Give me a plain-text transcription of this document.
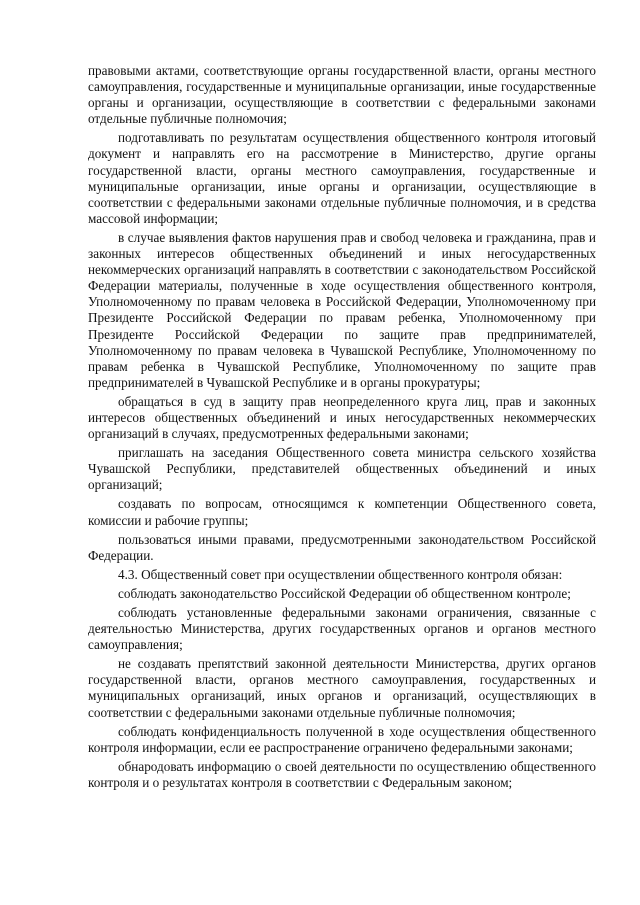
правовыми актами, соответствующие органы государственной власти, органы местного самоуправления, государственные и муниципальные организации, иные государственные органы и организации, осуществляющие в соответствии с федеральными законами отдельные публичные полномочия;

подготавливать по результатам осуществления общественного контроля итоговый документ и направлять его на рассмотрение в Министерство, другие органы государственной власти, органы местного самоуправления, государственные и муниципальные организации, иные органы и организации, осуществляющие в соответствии с федеральными законами отдельные публичные полномочия, и в средства массовой информации;

в случае выявления фактов нарушения прав и свобод человека и гражданина, прав и законных интересов общественных объединений и иных негосударственных некоммерческих организаций направлять в соответствии с законодательством Российской Федерации материалы, полученные в ходе осуществления общественного контроля, Уполномоченному по правам человека в Российской Федерации, Уполномоченному при Президенте Российской Федерации по правам ребенка, Уполномоченному при Президенте Российской Федерации по защите прав предпринимателей, Уполномоченному по правам человека в Чувашской Республике, Уполномоченному по правам ребенка в Чувашской Республике, Уполномоченному по защите прав предпринимателей в Чувашской Республике и в органы прокуратуры;

обращаться в суд в защиту прав неопределенного круга лиц, прав и законных интересов общественных объединений и иных негосударственных некоммерческих организаций в случаях, предусмотренных федеральными законами;

приглашать на заседания Общественного совета министра сельского хозяйства Чувашской Республики, представителей общественных объединений и иных организаций;

создавать по вопросам, относящимся к компетенции Общественного совета, комиссии и рабочие группы;

пользоваться иными правами, предусмотренными законодательством Российской Федерации.

4.3. Общественный совет при осуществлении общественного контроля обязан:

соблюдать законодательство Российской Федерации об общественном контроле;

соблюдать установленные федеральными законами ограничения, связанные с деятельностью Министерства, других государственных органов и органов местного самоуправления;

не создавать препятствий законной деятельности Министерства, других органов государственной власти, органов местного самоуправления, государственных и муниципальных организаций, иных органов и организаций, осуществляющих в соответствии с федеральными законами отдельные публичные полномочия;

соблюдать конфиденциальность полученной в ходе осуществления общественного контроля информации, если ее распространение ограничено федеральными законами;

обнародовать информацию о своей деятельности по осуществлению общественного контроля и о результатах контроля в соответствии с Федеральным законом;
